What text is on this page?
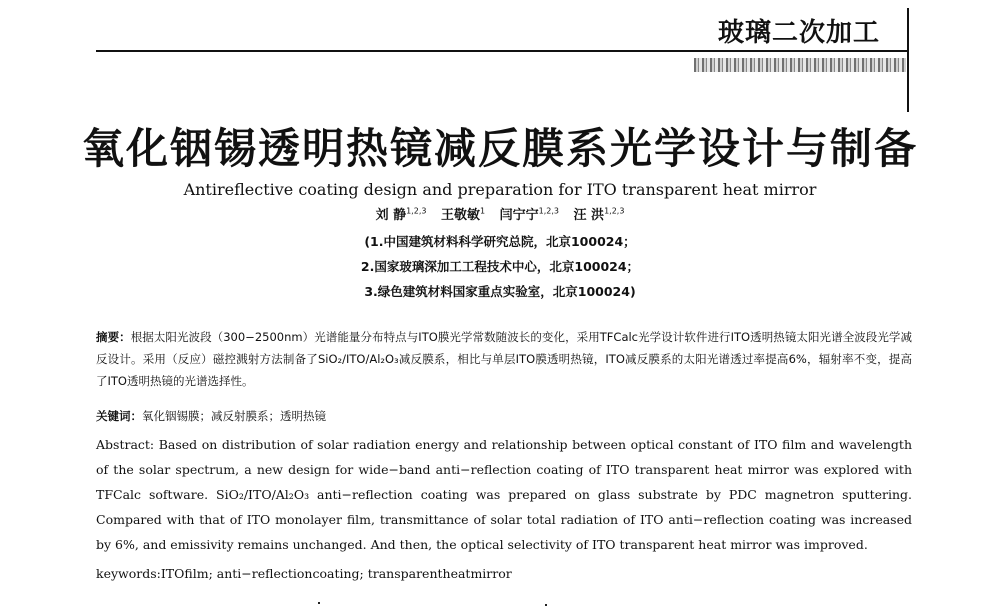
玻璃二次加工
氧化铟锡透明热镜减反膜系光学设计与制备
Antireflective coating design and preparation for ITO transparent heat mirror
刘 静$^{1,2,3}$ 王敬敏$^1$ 闫宁宁$^{1,2,3}$ 汪 洪$^{1,2,3}$
(1.中国建筑材料科学研究总院，北京100024；
2.国家玻璃深加工工程技术中心，北京100024；
3.绿色建筑材料国家重点实验室，北京100024)
摘要：根据太阳光波段（300−2500nm）光谱能量分布特点与ITO膜光学常数随波长的变化，采用TFCalc光学设计软件进行ITO透明热镜太阳光谱全波段光学减反设计。采用（反应）磁控溅射方法制备了SiO₂/ITO/Al₂O₃减反膜系，相比与单层ITO膜透明热镜，ITO减反膜系的太阳光谱透过率提高6%，辐射率不变，提高了ITO透明热镜的光谱选择性。
关键词：氧化铟锡膜；减反射膜系；透明热镜
Abstract: Based on distribution of solar radiation energy and relationship between optical constant of ITO film and wavelength of the solar spectrum, a new design for wide−band anti−reflection coating of ITO transparent heat mirror was explored with TFCalc software. SiO₂/ITO/Al₂O₃ anti−reflection coating was prepared on glass substrate by PDC magnetron sputtering. Compared with that of ITO monolayer film, transmittance of solar total radiation of ITO anti−reflection coating was increased by 6%, and emissivity remains unchanged. And then, the optical selectivity of ITO transparent heat mirror was improved.
keywords:ITOfilm; anti−reflectioncoating; transparentheatmirror
